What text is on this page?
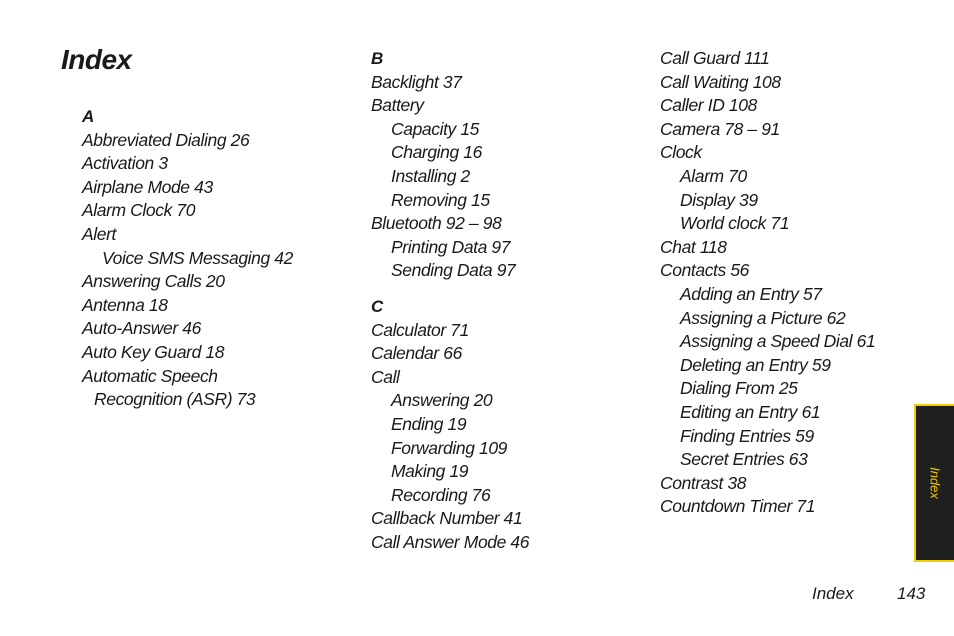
Index
A
Abbreviated Dialing 26
Activation 3
Airplane Mode 43
Alarm Clock 70
Alert
Voice SMS Messaging 42
Answering Calls 20
Antenna 18
Auto-Answer 46
Auto Key Guard 18
Automatic Speech
Recognition (ASR) 73
B
Backlight 37
Battery
Capacity 15
Charging 16
Installing 2
Removing 15
Bluetooth 92 – 98
Printing Data 97
Sending Data 97
C
Calculator 71
Calendar 66
Call
Answering 20
Ending 19
Forwarding 109
Making 19
Recording 76
Callback Number 41
Call Answer Mode 46
Call Guard 111
Call Waiting 108
Caller ID 108
Camera 78 – 91
Clock
Alarm 70
Display 39
World clock 71
Chat 118
Contacts 56
Adding an Entry 57
Assigning a Picture 62
Assigning a Speed Dial 61
Deleting an Entry 59
Dialing From 25
Editing an Entry 61
Finding Entries 59
Secret Entries 63
Contrast 38
Countdown Timer 71
Index
Index	143
